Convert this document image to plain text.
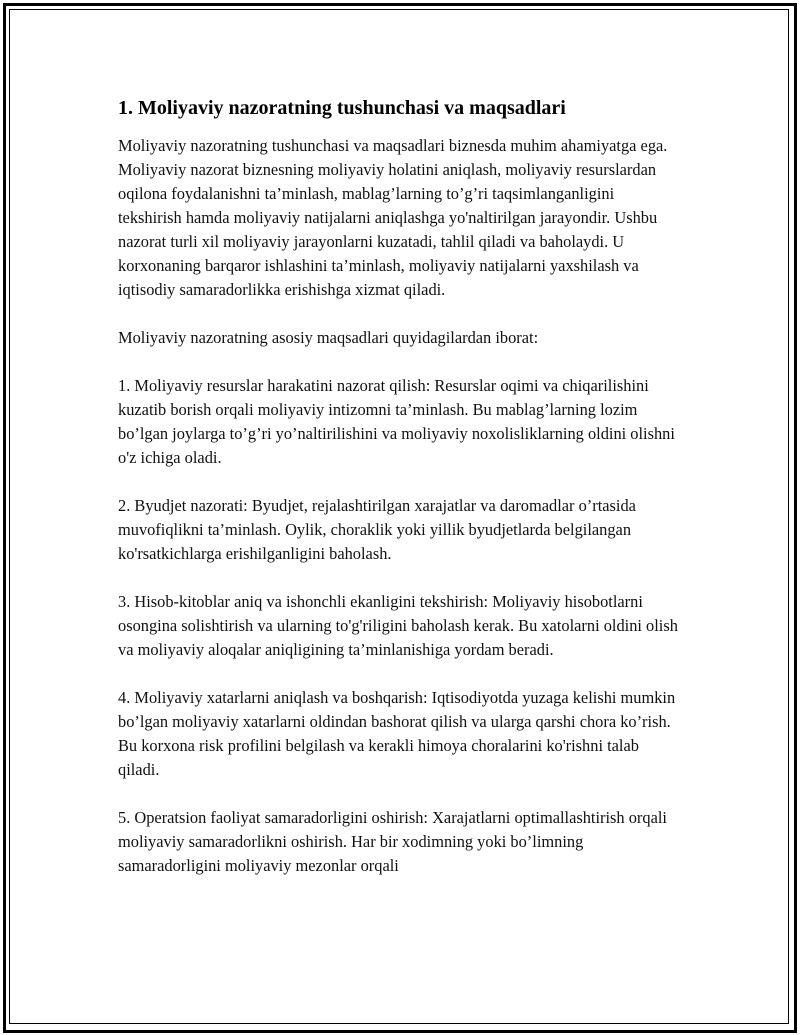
1. Moliyaviy nazoratning tushunchasi va maqsadlari

Moliyaviy nazoratning tushunchasi va maqsadlari biznesda muhim ahamiyatga ega. Moliyaviy nazorat biznesning moliyaviy holatini aniqlash, moliyaviy resurslardan oqilona foydalanishni ta’minlash, mablag’larning to’g’ri taqsimlanganligini tekshirish hamda moliyaviy natijalarni aniqlashga yo'naltirilgan jarayondir. Ushbu nazorat turli xil moliyaviy jarayonlarni kuzatadi, tahlil qiladi va baholaydi. U korxonaning barqaror ishlashini ta’minlash, moliyaviy natijalarni yaxshilash va iqtisodiy samaradorlikka erishishga xizmat qiladi.

Moliyaviy nazoratning asosiy maqsadlari quyidagilardan iborat:

1. Moliyaviy resurslar harakatini nazorat qilish: Resurslar oqimi va chiqarilishini kuzatib borish orqali moliyaviy intizomni ta’minlash. Bu mablag’larning lozim bo’lgan joylarga to’g’ri yo’naltirilishini va moliyaviy noxolisliklarning oldini olishni o'z ichiga oladi.

2. Byudjet nazorati: Byudjet, rejalashtirilgan xarajatlar va daromadlar o’rtasida muvofiqlikni ta’minlash. Oylik, choraklik yoki yillik byudjetlarda belgilangan ko'rsatkichlarga erishilganligini baholash.

3. Hisob-kitoblar aniq va ishonchli ekanligini tekshirish: Moliyaviy hisobotlarni osongina solishtirish va ularning to'g'riligini baholash kerak. Bu xatolarni oldini olish va moliyaviy aloqalar aniqligining ta’minlanishiga yordam beradi.

4. Moliyaviy xatarlarni aniqlash va boshqarish: Iqtisodiyotda yuzaga kelishi mumkin bo’lgan moliyaviy xatarlarni oldindan bashorat qilish va ularga qarshi chora ko’rish. Bu korxona risk profilini belgilash va kerakli himoya choralarini ko'rishni talab qiladi.

5. Operatsion faoliyat samaradorligini oshirish: Xarajatlarni optimallashtirish orqali moliyaviy samaradorlikni oshirish. Har bir xodimning yoki bo’limning samaradorligini moliyaviy mezonlar orqali
